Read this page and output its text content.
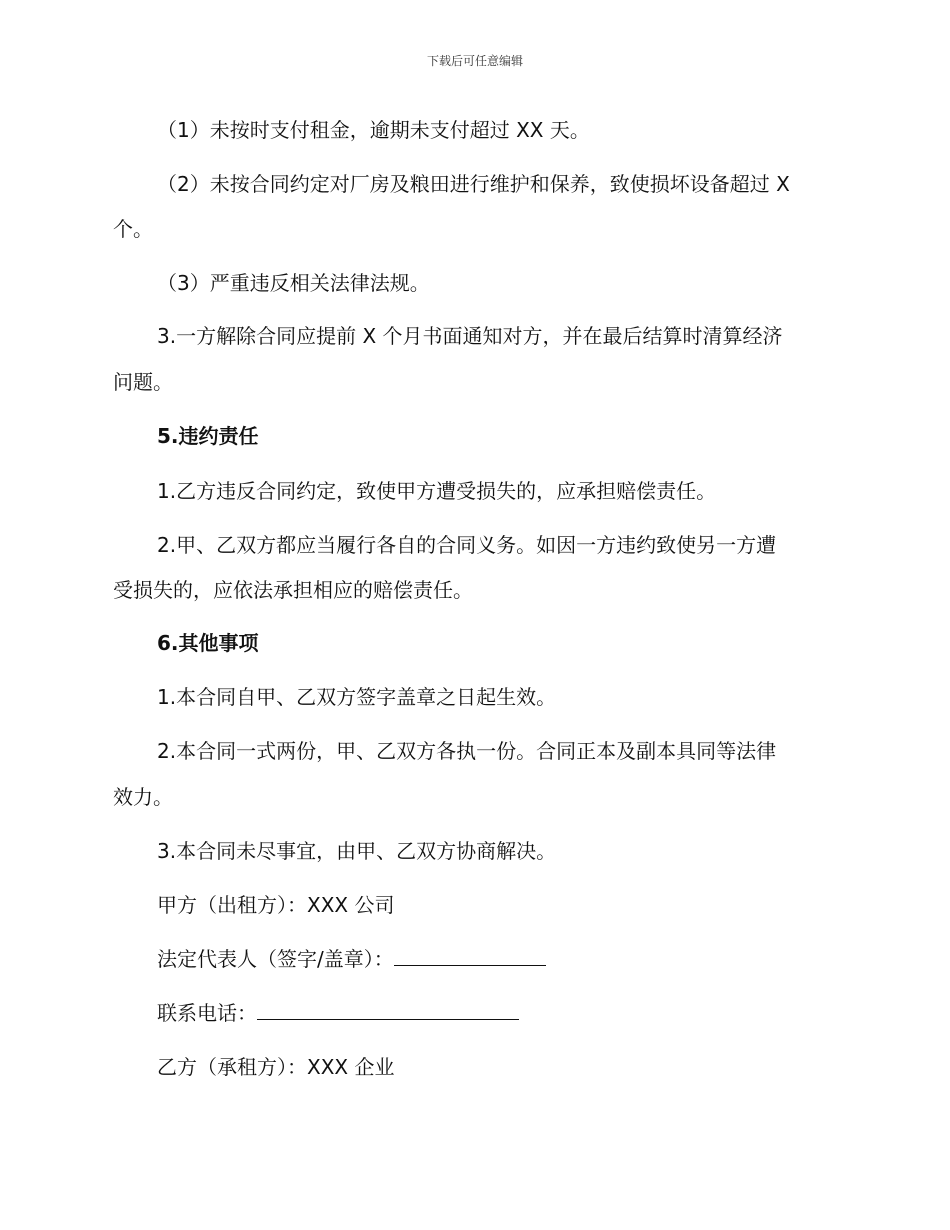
下载后可任意编辑
（1）未按时支付租金，逾期未支付超过 XX 天。
（2）未按合同约定对厂房及粮田进行维护和保养，致使损坏设备超过 X
个。
（3）严重违反相关法律法规。
3.一方解除合同应提前 X 个月书面通知对方，并在最后结算时清算经济
问题。
5.违约责任
1.乙方违反合同约定，致使甲方遭受损失的，应承担赔偿责任。
2.甲、乙双方都应当履行各自的合同义务。如因一方违约致使另一方遭
受损失的，应依法承担相应的赔偿责任。
6.其他事项
1.本合同自甲、乙双方签字盖章之日起生效。
2.本合同一式两份，甲、乙双方各执一份。合同正本及副本具同等法律
效力。
3.本合同未尽事宜，由甲、乙双方协商解决。
甲方（出租方）：XXX 公司
法定代表人（签字/盖章）：
联系电话：
乙方（承租方）：XXX 企业
